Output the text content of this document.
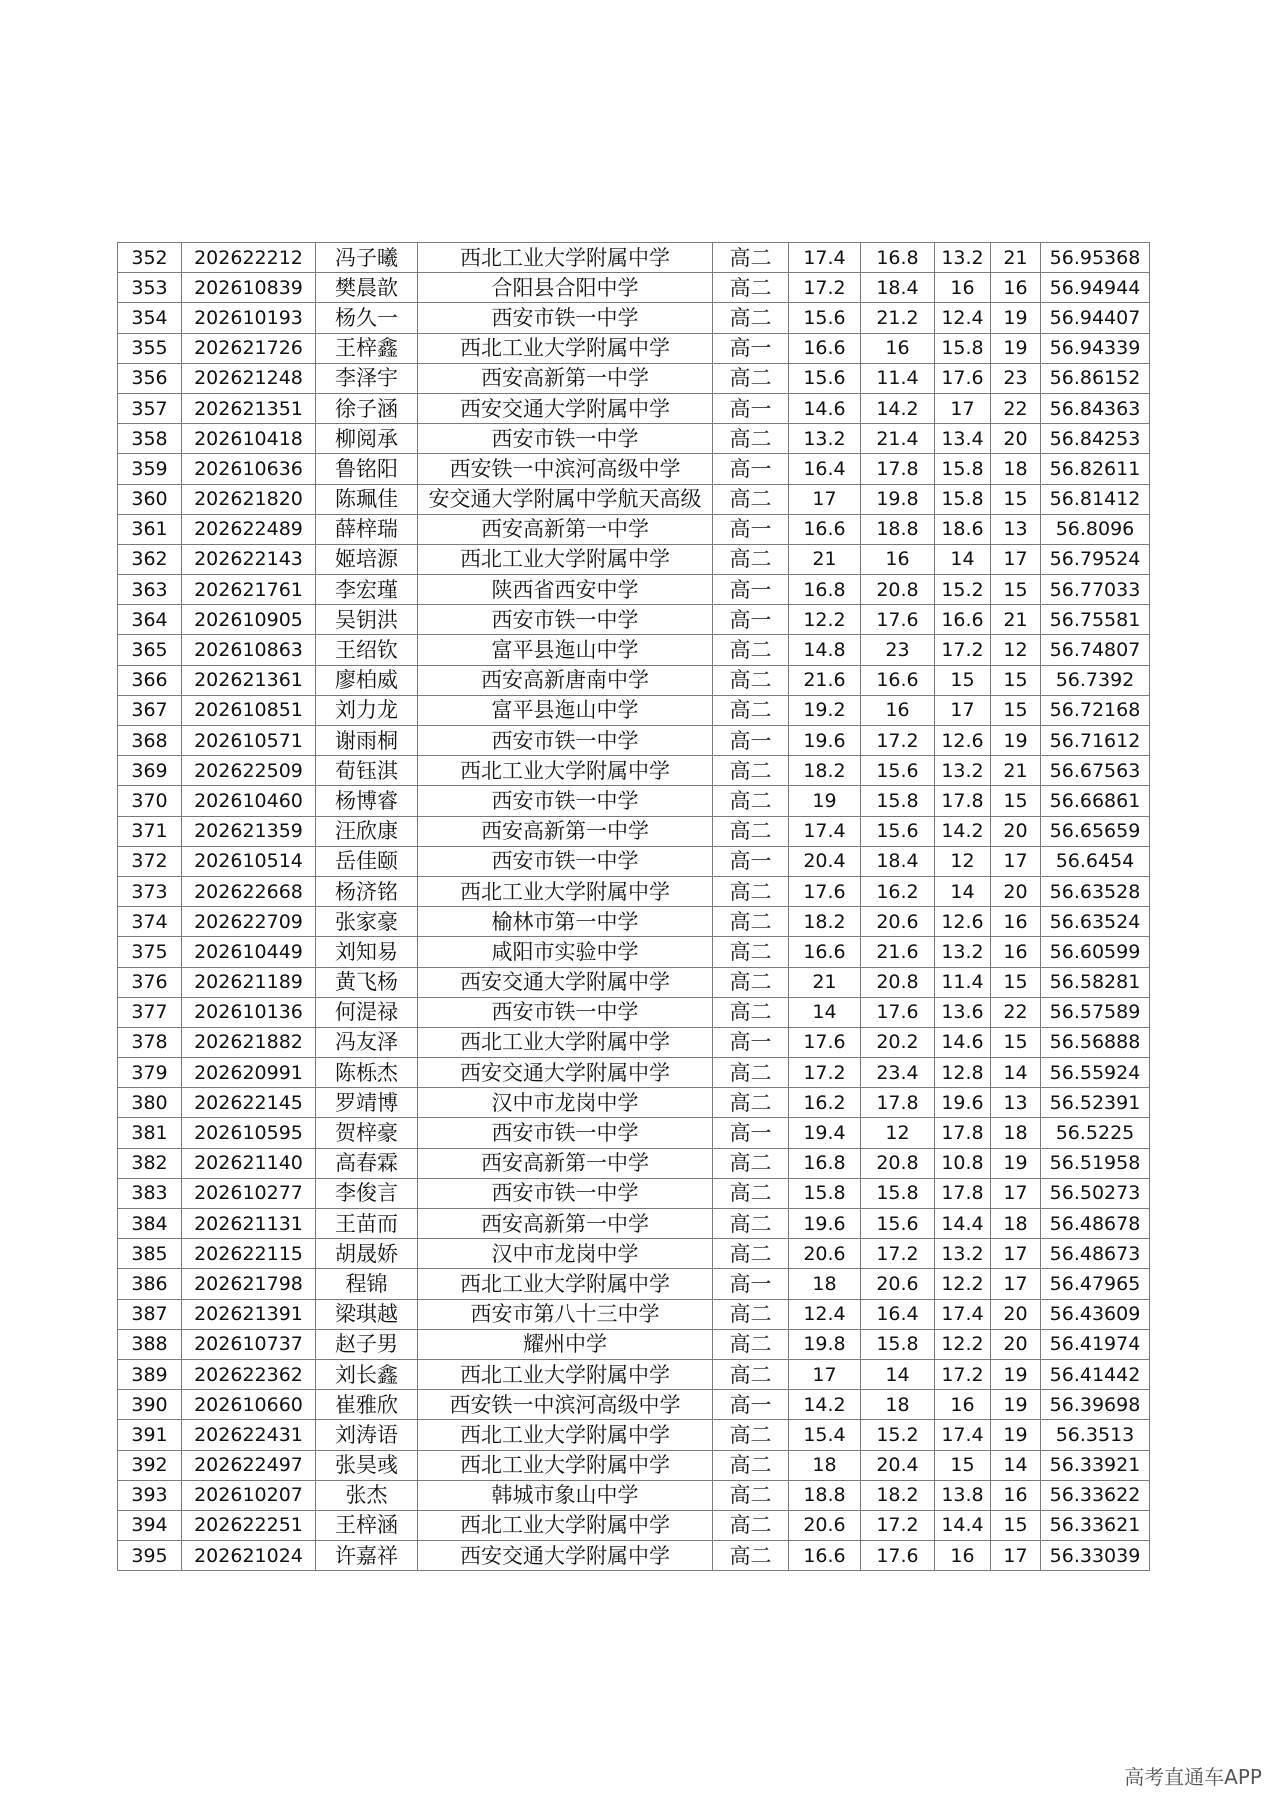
352	202622212	冯子曦	西北工业大学附属中学	高二	17.4	16.8	13.2	21	56.95368
353	202610839	樊晨歆	合阳县合阳中学	高二	17.2	18.4	16	16	56.94944
354	202610193	杨久一	西安市铁一中学	高二	15.6	21.2	12.4	19	56.94407
355	202621726	王梓鑫	西北工业大学附属中学	高一	16.6	16	15.8	19	56.94339
356	202621248	李泽宇	西安高新第一中学	高二	15.6	11.4	17.6	23	56.86152
357	202621351	徐子涵	西安交通大学附属中学	高一	14.6	14.2	17	22	56.84363
358	202610418	柳阅承	西安市铁一中学	高二	13.2	21.4	13.4	20	56.84253
359	202610636	鲁铭阳	西安铁一中滨河高级中学	高一	16.4	17.8	15.8	18	56.82611
360	202621820	陈珮佳	安交通大学附属中学航天高级	高二	17	19.8	15.8	15	56.81412
361	202622489	薛梓瑞	西安高新第一中学	高一	16.6	18.8	18.6	13	56.8096
362	202622143	姬培源	西北工业大学附属中学	高二	21	16	14	17	56.79524
363	202621761	李宏瑾	陕西省西安中学	高一	16.8	20.8	15.2	15	56.77033
364	202610905	吴钥洪	西安市铁一中学	高一	12.2	17.6	16.6	21	56.75581
365	202610863	王绍钦	富平县迤山中学	高二	14.8	23	17.2	12	56.74807
366	202621361	廖柏威	西安高新唐南中学	高二	21.6	16.6	15	15	56.7392
367	202610851	刘力龙	富平县迤山中学	高二	19.2	16	17	15	56.72168
368	202610571	谢雨桐	西安市铁一中学	高一	19.6	17.2	12.6	19	56.71612
369	202622509	荀钰淇	西北工业大学附属中学	高二	18.2	15.6	13.2	21	56.67563
370	202610460	杨博睿	西安市铁一中学	高二	19	15.8	17.8	15	56.66861
371	202621359	汪欣康	西安高新第一中学	高二	17.4	15.6	14.2	20	56.65659
372	202610514	岳佳颐	西安市铁一中学	高一	20.4	18.4	12	17	56.6454
373	202622668	杨济铭	西北工业大学附属中学	高二	17.6	16.2	14	20	56.63528
374	202622709	张家豪	榆林市第一中学	高二	18.2	20.6	12.6	16	56.63524
375	202610449	刘知易	咸阳市实验中学	高二	16.6	21.6	13.2	16	56.60599
376	202621189	黄飞杨	西安交通大学附属中学	高二	21	20.8	11.4	15	56.58281
377	202610136	何湜禄	西安市铁一中学	高二	14	17.6	13.6	22	56.57589
378	202621882	冯友泽	西北工业大学附属中学	高一	17.6	20.2	14.6	15	56.56888
379	202620991	陈栎杰	西安交通大学附属中学	高二	17.2	23.4	12.8	14	56.55924
380	202622145	罗靖博	汉中市龙岗中学	高二	16.2	17.8	19.6	13	56.52391
381	202610595	贺梓豪	西安市铁一中学	高一	19.4	12	17.8	18	56.5225
382	202621140	高春霖	西安高新第一中学	高二	16.8	20.8	10.8	19	56.51958
383	202610277	李俊言	西安市铁一中学	高二	15.8	15.8	17.8	17	56.50273
384	202621131	王苗而	西安高新第一中学	高二	19.6	15.6	14.4	18	56.48678
385	202622115	胡晟娇	汉中市龙岗中学	高二	20.6	17.2	13.2	17	56.48673
386	202621798	程锦	西北工业大学附属中学	高一	18	20.6	12.2	17	56.47965
387	202621391	梁琪越	西安市第八十三中学	高二	12.4	16.4	17.4	20	56.43609
388	202610737	赵子男	耀州中学	高二	19.8	15.8	12.2	20	56.41974
389	202622362	刘长鑫	西北工业大学附属中学	高二	17	14	17.2	19	56.41442
390	202610660	崔雅欣	西安铁一中滨河高级中学	高一	14.2	18	16	19	56.39698
391	202622431	刘涛语	西北工业大学附属中学	高二	15.4	15.2	17.4	19	56.3513
392	202622497	张昊彧	西北工业大学附属中学	高二	18	20.4	15	14	56.33921
393	202610207	张杰	韩城市象山中学	高二	18.8	18.2	13.8	16	56.33622
394	202622251	王梓涵	西北工业大学附属中学	高二	20.6	17.2	14.4	15	56.33621
395	202621024	许嘉祥	西安交通大学附属中学	高二	16.6	17.6	16	17	56.33039
高考直通车APP
